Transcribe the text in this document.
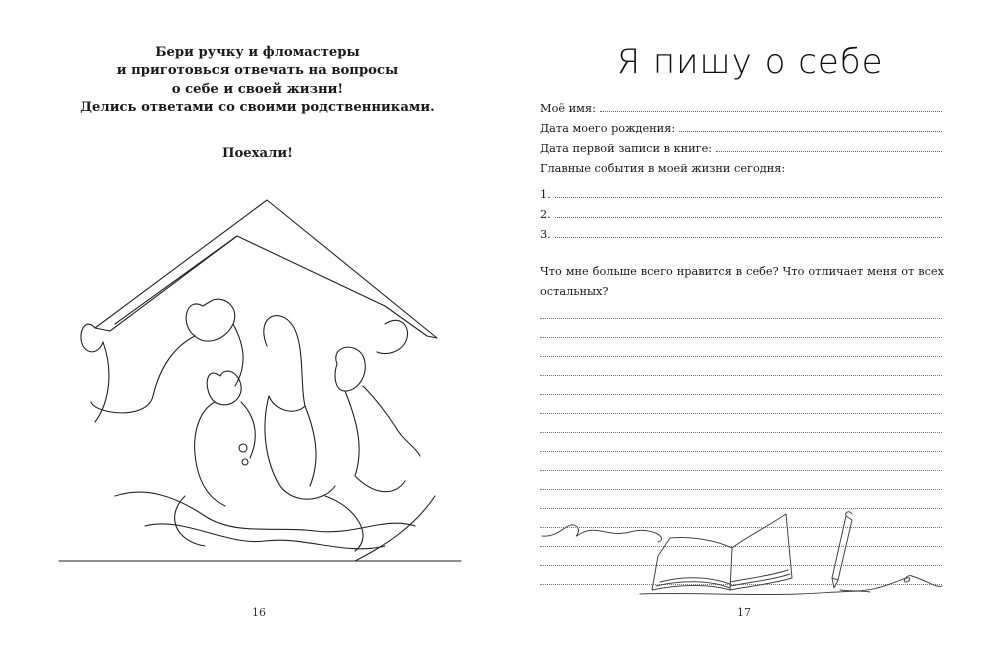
Бери ручку и фломастеры
и приготовься отвечать на вопросы
о себе и своей жизни!
Делись ответами со своими родственниками.
Поехали!
16
Я пишу о себе
Моё имя:
Дата моего рождения:
Дата первой записи в книге:
Главные события в моей жизни сегодня:
1.
2.
3.
Что мне больше всего нравится в себе? Что отличает меня от всех остальных?
17
